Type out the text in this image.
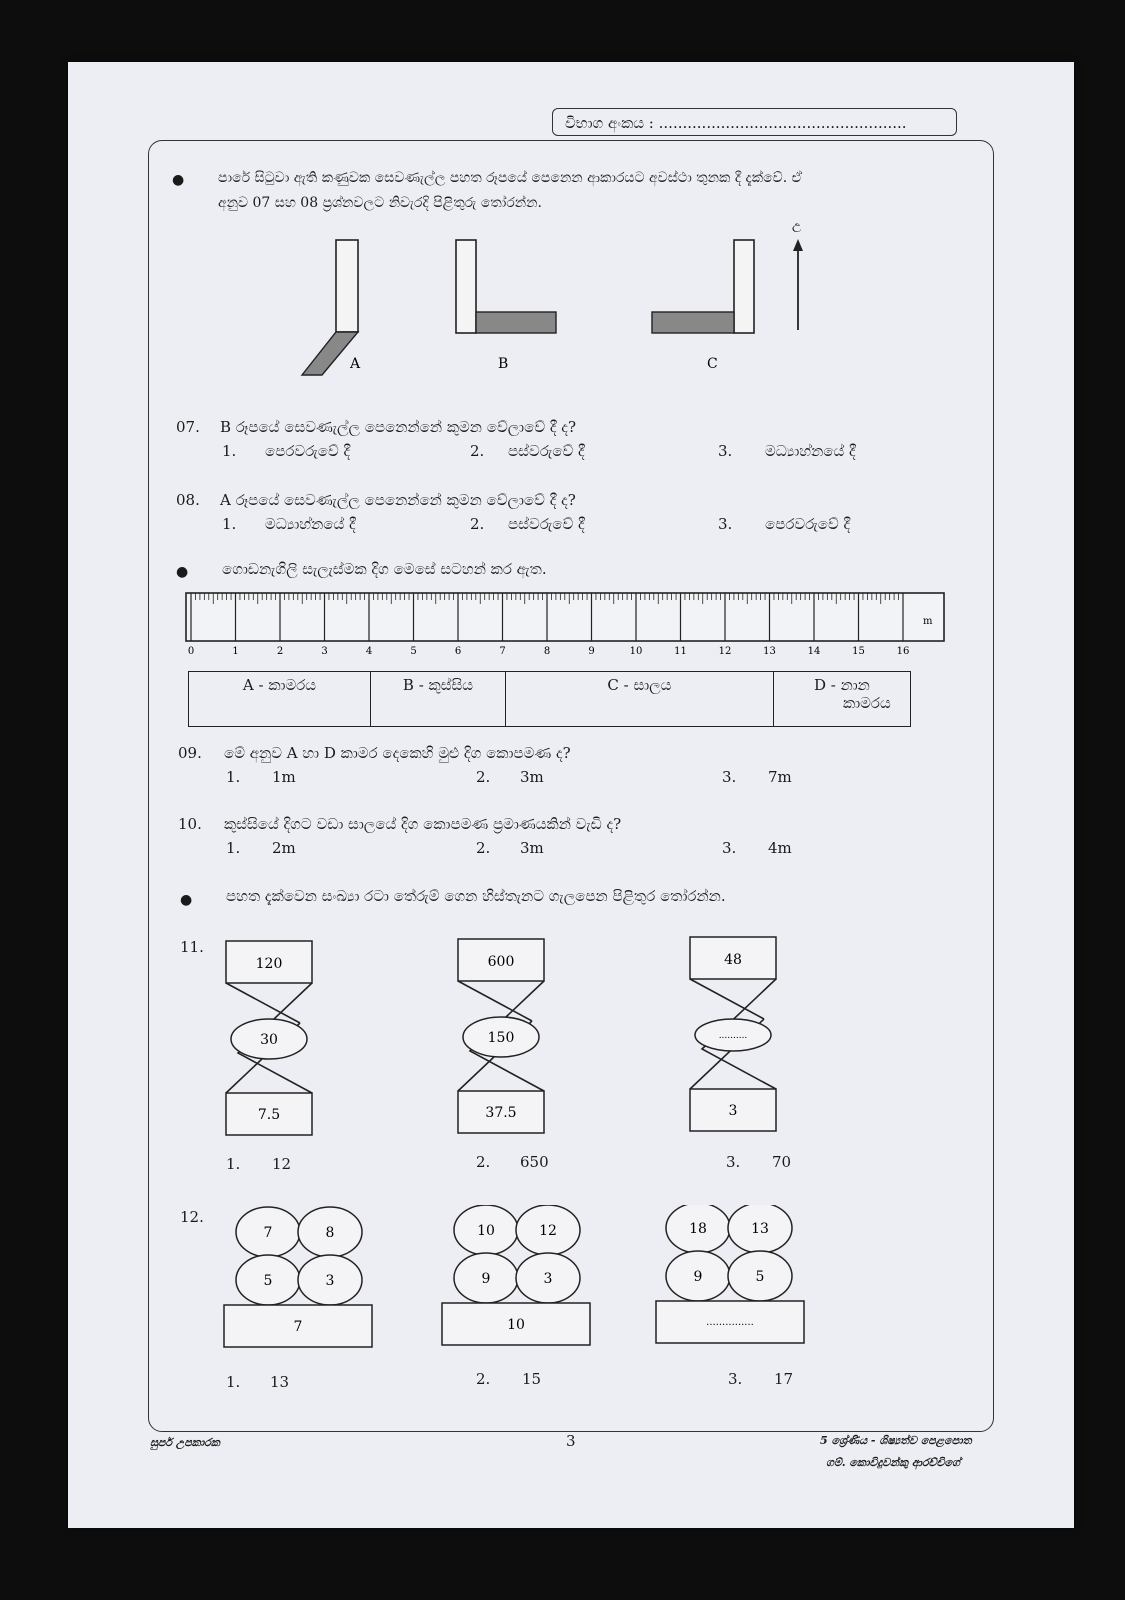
විභාග අංකය : ....................................................
● පාරේ සිටුවා ඇති කණුවක සෙවණැල්ල පහත රූපයේ පෙනෙන ආකාරයට අවස්ථා තුනක දී දැක්වේ. ඒ
අනුව 07 සහ 08 ප්‍රශ්නවලට නිවැරදි පිළිතුරු තෝරන්න.
A	B	C
උ
07. B රූපයේ සෙවණැල්ල පෙනෙන්නේ කුමන වේලාවේ දී ද?
1. පෙරවරුවේ දී	2. පස්වරුවේ දී	3. මධ්‍යාහ්නයේ දී
08. A රූපයේ සෙවණැල්ල පෙනෙන්නේ කුමන වේලාවේ දී ද?
1. මධ්‍යාහ්නයේ දී	2. පස්වරුවේ දී	3. පෙරවරුවේ දී
● ගොඩනැගිලි සැලැස්මක දිග මෙසේ සටහන් කර ඇත.
m
0	1	2	3	4	5	6	7	8	9	10	11	12	13	14	15	16
A - කාමරය	B - කුස්සිය	C - සාලය	D - නාන
කාමරය
09. මේ අනුව A හා D කාමර දෙකෙහි මුළු දිග කොපමණ ද?
1. 1m	2. 3m	3. 7m
10. කුස්සියේ දිගට වඩා සාලයේ දිග කොපමණ ප්‍රමාණයකින් වැඩි ද?
1. 2m	2. 3m	3. 4m
● පහත දැක්වෙන සංඛ්‍යා රටා තේරුම් ගෙන හිස්තැනට ගැලපෙන පිළිතුර තෝරන්න.
11.
120
30
7.5
600
150
37.5
48
..........
3
1. 12	2. 650	3. 70
12.
7	8
5	3
7
10	12
9	3
10
18	13
9	5
...............
1. 13	2. 15	3. 17
සුපර් උපකාරක	3	5 ශ්‍රේණිය - ශිෂ්‍යත්ව පෙළපොත
ගම්. කොවිදුවන්කු ආරච්චිගේ
